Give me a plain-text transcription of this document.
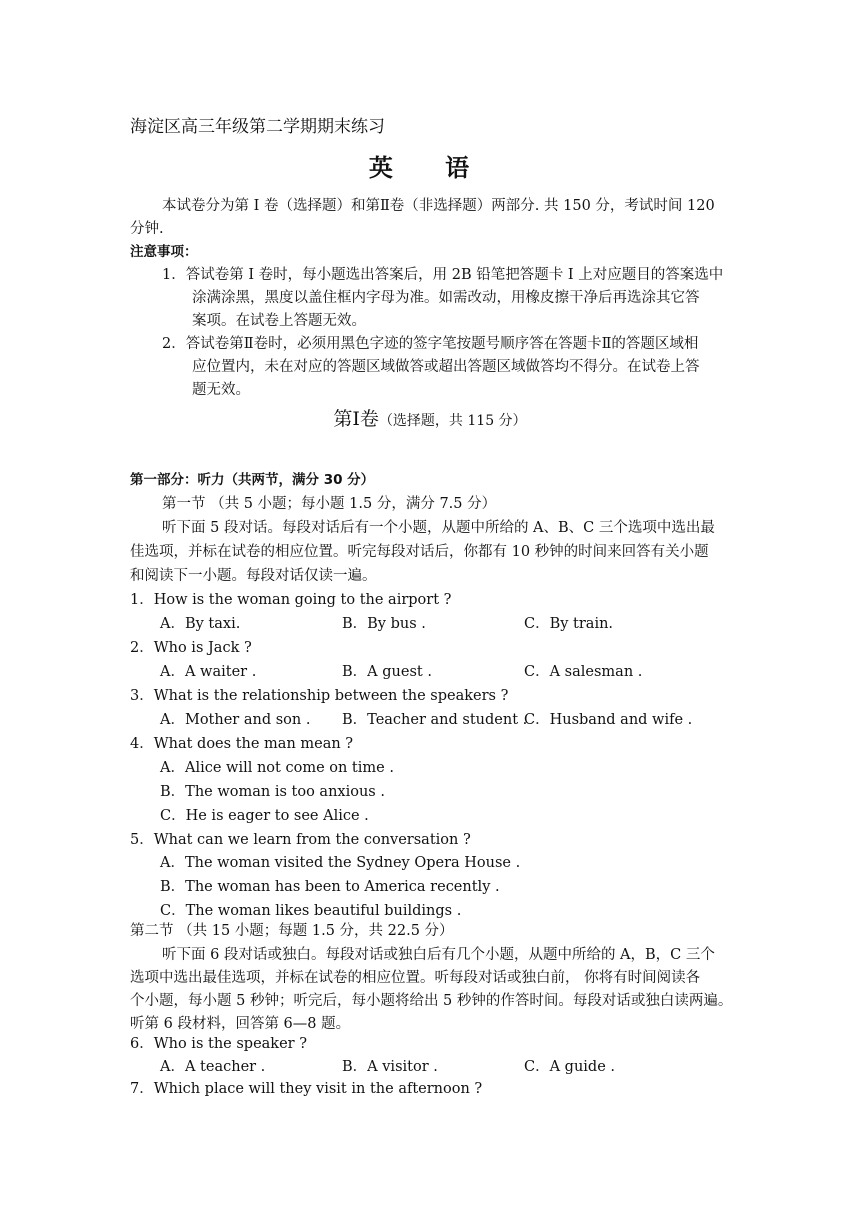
海淀区高三年级第二学期期末练习
英 语
本试卷分为第 I 卷（选择题）和第Ⅱ卷（非选择题）两部分. 共 150 分，考试时间 120
分钟.
注意事项：
1．答试卷第 I 卷时，每小题选出答案后，用 2B 铅笔把答题卡 I 上对应题目的答案选中
涂满涂黑，黑度以盖住框内字母为准。如需改动，用橡皮擦干净后再选涂其它答
案项。在试卷上答题无效。
2．答试卷第Ⅱ卷时，必须用黑色字迹的签字笔按题号顺序答在答题卡Ⅱ的答题区域相
应位置内，未在对应的答题区域做答或超出答题区域做答均不得分。在试卷上答
题无效。
第Ⅰ卷（选择题，共 115 分）
第一部分：听力（共两节，满分 30 分）
第一节 （共 5 小题；每小题 1.5 分，满分 7.5 分）
听下面 5 段对话。每段对话后有一个小题，从题中所给的 A、B、C 三个选项中选出最
佳选项，并标在试卷的相应位置。听完每段对话后，你都有 10 秒钟的时间来回答有关小题
和阅读下一小题。每段对话仅读一遍。
1．How is the woman going to the airport ?
A．By taxi.	B．By bus .	C．By train.
2．Who is Jack ?
A．A waiter .	B．A guest .	C．A salesman .
3．What is the relationship between the speakers ?
A．Mother and son . B．Teacher and student .
C．Husband and wife .
4．What does the man mean ?
A．Alice will not come on time .
B．The woman is too anxious .
C．He is eager to see Alice .
5．What can we learn from the conversation ?
A．The woman visited the Sydney Opera House .
B．The woman has been to America recently .
C．The woman likes beautiful buildings .
第二节 （共 15 小题；每题 1.5 分，共 22.5 分）
听下面 6 段对话或独白。每段对话或独白后有几个小题，从题中所给的 A，B，C 三个
选项中选出最佳选项，并标在试卷的相应位置。听每段对话或独白前， 你将有时间阅读各
个小题，每小题 5 秒钟；听完后，每小题将给出 5 秒钟的作答时间。每段对话或独白读两遍。
听第 6 段材料，回答第 6—8 题。
6．Who is the speaker ?
A．A teacher .	B．A visitor .	C．A guide .
7．Which place will they visit in the afternoon ?
